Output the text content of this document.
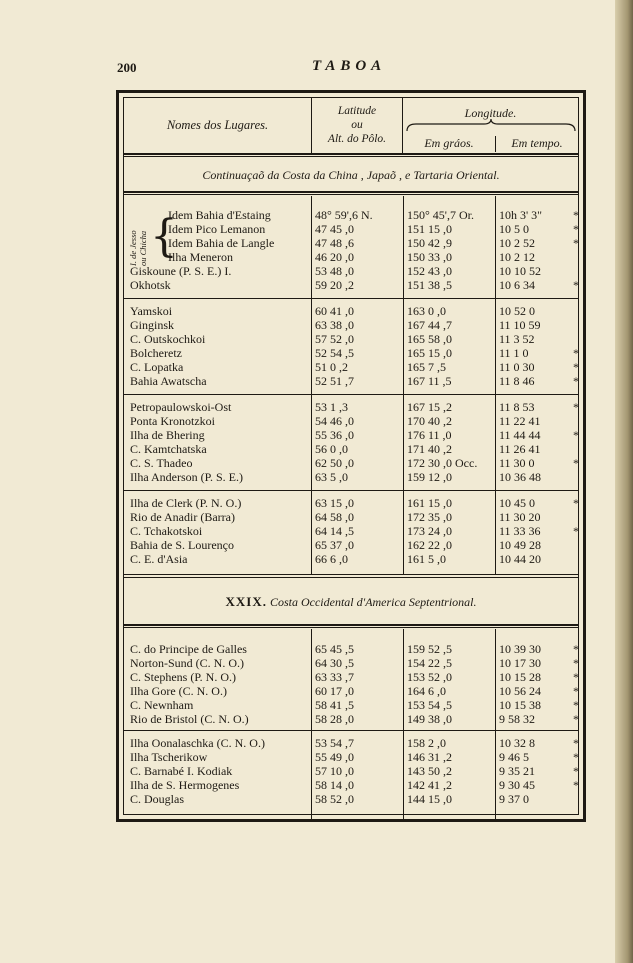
200	TABOA
Nomes dos Lugares.
Latitude
ou
Alt. do Pôlo.
Longitude.
Em gráos.	Em tempo.
Continuaçaõ da Costa da China , Japaõ , e Tartaria Oriental.
I. de Jesso
ou Chicha {
Idem Bahia d'Estaing	48° 59',6 N.	150° 45',7 Or.	10h 3' 3"	*
Idem Pico Lemanon	47 45 ,0	151 15 ,0	10 5 0	*
Idem Bahia de Langle	47 48 ,6	150 42 ,9	10 2 52	*
Ilha Meneron	46 20 ,0	150 33 ,0	10 2 12
Giskoune (P. S. E.) I.	53 48 ,0	152 43 ,0	10 10 52
Okhotsk	59 20 ,2	151 38 ,5	10 6 34	*
Yamskoi	60 41 ,0	163 0 ,0	10 52 0
Ginginsk	63 38 ,0	167 44 ,7	11 10 59
C. Outskochkoi	57 52 ,0	165 58 ,0	11 3 52
Bolcheretz	52 54 ,5	165 15 ,0	11 1 0	*
C. Lopatka	51 0 ,2	165 7 ,5	11 0 30	*
Bahia Awatscha	52 51 ,7	167 11 ,5	11 8 46	*
Petropaulowskoi-Ost	53 1 ,3	167 15 ,2	11 8 53	*
Ponta Kronotzkoi	54 46 ,0	170 40 ,2	11 22 41
Ilha de Bhering	55 36 ,0	176 11 ,0	11 44 44	*
C. Kamtchatska	56 0 ,0	171 40 ,2	11 26 41
C. S. Thadeo	62 50 ,0	172 30 ,0 Occ.	11 30 0	*
Ilha Anderson (P. S. E.)	63 5 ,0	159 12 ,0	10 36 48
Ilha de Clerk (P. N. O.)	63 15 ,0	161 15 ,0	10 45 0	*
Rio de Anadir (Barra)	64 58 ,0	172 35 ,0	11 30 20
C. Tchakotskoi	64 14 ,5	173 24 ,0	11 33 36	*
Bahia de S. Lourenço	65 37 ,0	162 22 ,0	10 49 28
C. E. d'Asia	66 6 ,0	161 5 ,0	10 44 20
XXIX. Costa Occidental d'America Septentrional.
C. do Principe de Galles	65 45 ,5	159 52 ,5	10 39 30	*
Norton-Sund (C. N. O.)	64 30 ,5	154 22 ,5	10 17 30	*
C. Stephens (P. N. O.)	63 33 ,7	153 52 ,0	10 15 28	*
Ilha Gore (C. N. O.)	60 17 ,0	164 6 ,0	10 56 24	*
C. Newnham	58 41 ,5	153 54 ,5	10 15 38	*
Rio de Bristol (C. N. O.)	58 28 ,0	149 38 ,0	9 58 32	*
Ilha Oonalaschka (C. N. O.)	53 54 ,7	158 2 ,0	10 32 8	*
Ilha Tscherikow	55 49 ,0	146 31 ,2	9 46 5	*
C. Barnabé I. Kodiak	57 10 ,0	143 50 ,2	9 35 21	*
Ilha de S. Hermogenes	58 14 ,0	142 41 ,2	9 30 45	*
C. Douglas	58 52 ,0	144 15 ,0	9 37 0
